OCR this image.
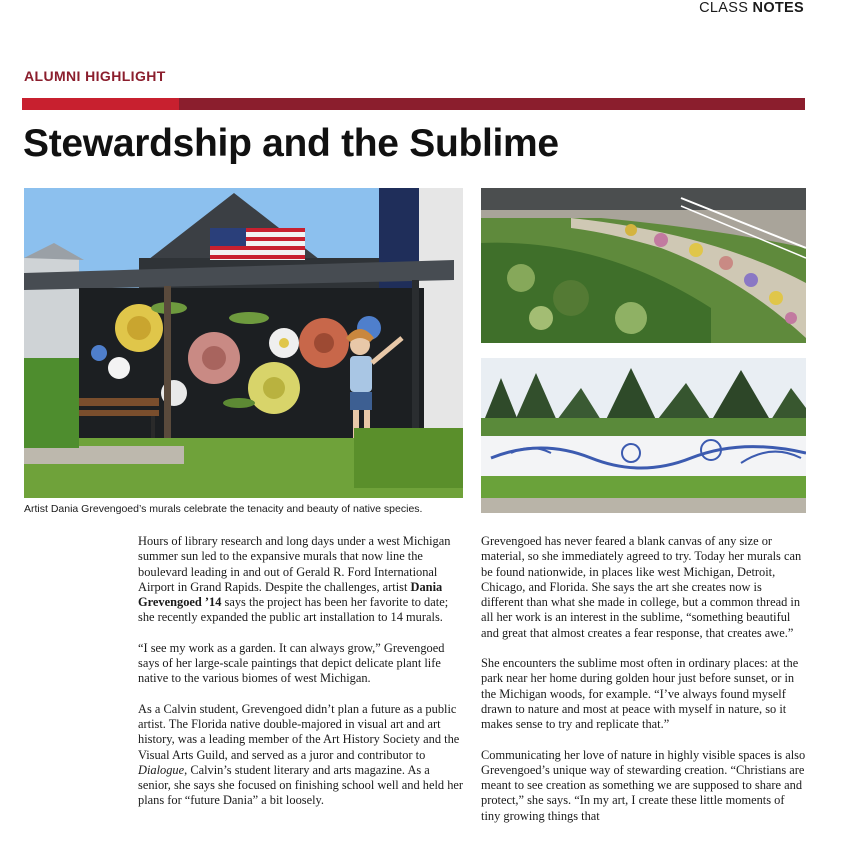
CLASS NOTES
ALUMNI HIGHLIGHT
Stewardship and the Sublime
Artist Dania Grevengoed’s murals celebrate the tenacity and beauty of native species.

Hours of library research and long days under a west Michigan summer sun led to the expansive murals that now line the boulevard leading in and out of Gerald R. Ford International Airport in Grand Rapids. Despite the challenges, artist Dania Grevengoed ’14 says the project has been her favorite to date; she recently expanded the public art installation to 14 murals.

“I see my work as a garden. It can always grow,” Grevengoed says of her large-scale paintings that depict delicate plant life native to the various biomes of west Michigan.

As a Calvin student, Grevengoed didn’t plan a future as a public artist. The Florida native double-majored in visual art and art history, was a leading member of the Art History Society and the Visual Arts Guild, and served as a juror and contributor to Dialogue, Calvin’s student literary and arts magazine. As a senior, she says she focused on finishing school well and held her plans for “future Dania” a bit loosely.

Grevengoed has never feared a blank canvas of any size or material, so she immediately agreed to try. Today her murals can be found nationwide, in places like west Michigan, Detroit, Chicago, and Florida. She says the art she creates now is different than what she made in college, but a common thread in all her work is an interest in the sublime, “something beautiful and great that almost creates a fear response, that creates awe.”

She encounters the sublime most often in ordinary places: at the park near her home during golden hour just before sunset, or in the Michigan woods, for example. “I’ve always found myself drawn to nature and most at peace with myself in nature, so it makes sense to try and replicate that.”

Communicating her love of nature in highly visible spaces is also Grevengoed’s unique way of stewarding creation. “Christians are meant to see creation as something we are supposed to share and protect,” she says. “In my art, I create these little moments of tiny growing things that
